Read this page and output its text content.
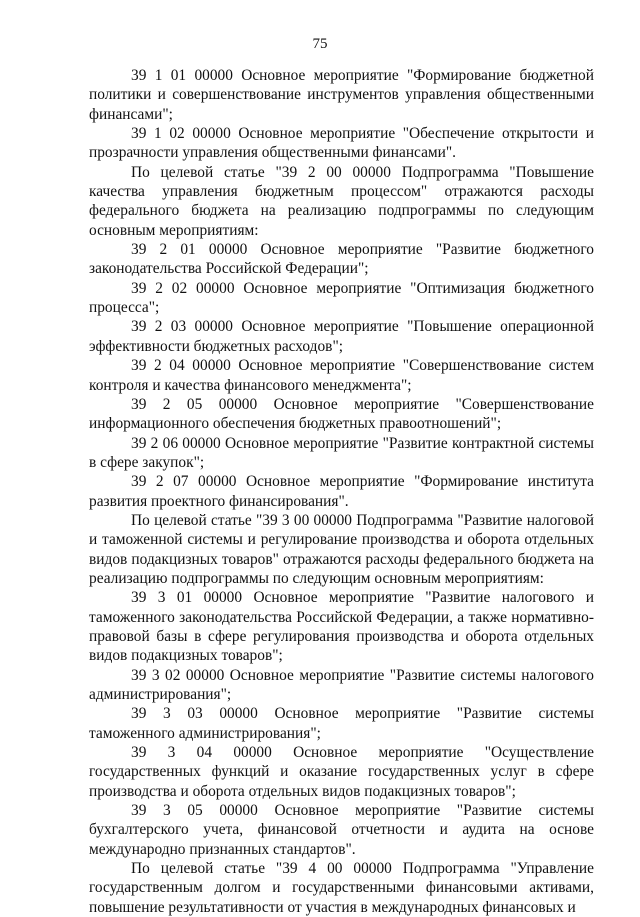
75

39 1 01 00000 Основное мероприятие "Формирование бюджетной политики и совершенствование инструментов управления общественными финансами";

39 1 02 00000 Основное мероприятие "Обеспечение открытости и прозрачности управления общественными финансами".

По целевой статье "39 2 00 00000 Подпрограмма "Повышение качества управления бюджетным процессом" отражаются расходы федерального бюджета на реализацию подпрограммы по следующим основным мероприятиям:

39 2 01 00000 Основное мероприятие "Развитие бюджетного законодательства Российской Федерации";

39 2 02 00000 Основное мероприятие "Оптимизация бюджетного процесса";

39 2 03 00000 Основное мероприятие "Повышение операционной эффективности бюджетных расходов";

39 2 04 00000 Основное мероприятие "Совершенствование систем контроля и качества финансового менеджмента";

39 2 05 00000 Основное мероприятие "Совершенствование информационного обеспечения бюджетных правоотношений";

39 2 06 00000 Основное мероприятие "Развитие контрактной системы в сфере закупок";

39 2 07 00000 Основное мероприятие "Формирование института развития проектного финансирования".

По целевой статье "39 3 00 00000 Подпрограмма "Развитие налоговой и таможенной системы и регулирование производства и оборота отдельных видов подакцизных товаров" отражаются расходы федерального бюджета на реализацию подпрограммы по следующим основным мероприятиям:

39 3 01 00000 Основное мероприятие "Развитие налогового и таможенного законодательства Российской Федерации, а также нормативно-правовой базы в сфере регулирования производства и оборота отдельных видов подакцизных товаров";

39 3 02 00000 Основное мероприятие "Развитие системы налогового администрирования";

39 3 03 00000 Основное мероприятие "Развитие системы таможенного администрирования";

39 3 04 00000 Основное мероприятие "Осуществление государственных функций и оказание государственных услуг в сфере производства и оборота отдельных видов подакцизных товаров";

39 3 05 00000 Основное мероприятие "Развитие системы бухгалтерского учета, финансовой отчетности и аудита на основе международно признанных стандартов".

По целевой статье "39 4 00 00000 Подпрограмма "Управление государственным долгом и государственными финансовыми активами, повышение результативности от участия в международных финансовых и
